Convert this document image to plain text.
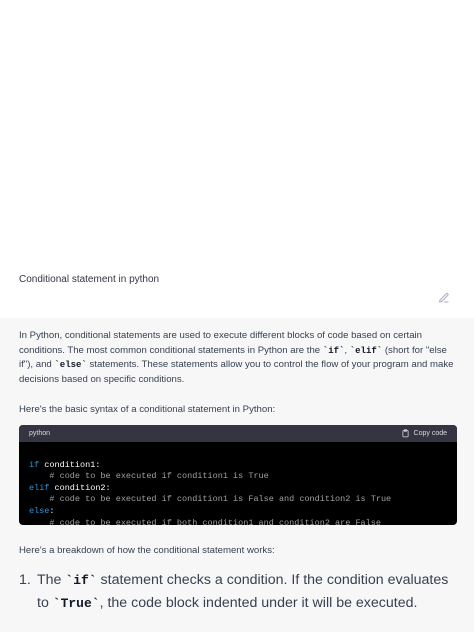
Conditional statement in python

In Python, conditional statements are used to execute different blocks of code based on certain conditions. The most common conditional statements in Python are the `if`, `elif` (short for "else if"), and `else` statements. These statements allow you to control the flow of your program and make decisions based on specific conditions.

Here's the basic syntax of a conditional statement in Python:

python	Copy code

if condition1:
# code to be executed if condition1 is True
elif condition2:
# code to be executed if condition1 is False and condition2 is True
else:
# code to be executed if both condition1 and condition2 are False

Here's a breakdown of how the conditional statement works:

1. The `if` statement checks a condition. If the condition evaluates to `True`, the code block indented under it will be executed.
